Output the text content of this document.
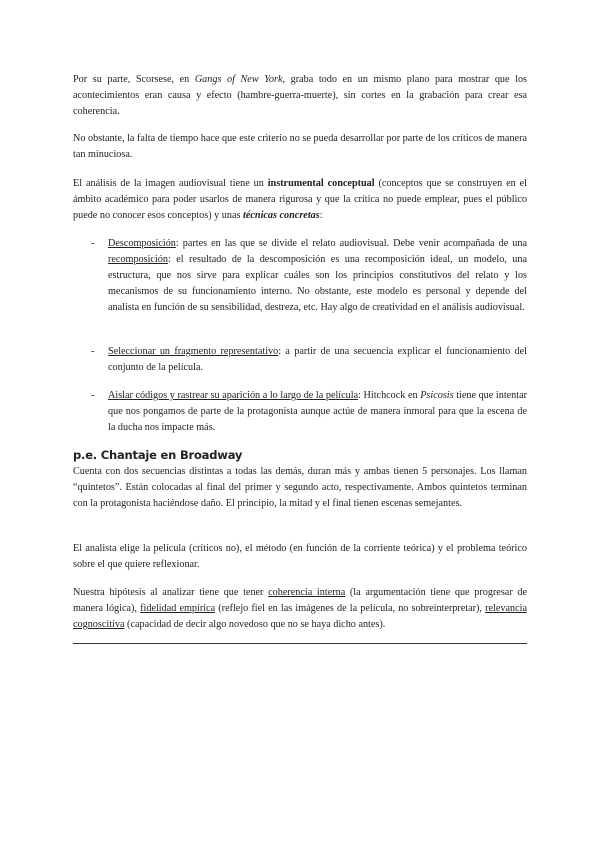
Por su parte, Scorsese, en Gangs of New York, graba todo en un mismo plano para mostrar que los acontecimientos eran causa y efecto (hambre-guerra-muerte), sin cortes en la grabación para crear esa coherencia.

No obstante, la falta de tiempo hace que este criterio no se pueda desarrollar por parte de los críticos de manera tan minuciosa.

El análisis de la imagen audiovisual tiene un instrumental conceptual (conceptos que se construyen en el ámbito académico para poder usarlos de manera rigurosa y que la crítica no puede emplear, pues el público puede no conocer esos conceptos) y unas técnicas concretas:

- Descomposición: partes en las que se divide el relato audiovisual. Debe venir acompañada de una recomposición: el resultado de la descomposición es una recomposición ideal, un modelo, una estructura, que nos sirve para explicar cuáles son los principios constitutivos del relato y los mecanismos de su funcionamiento interno. No obstante, este modelo es personal y depende del analista en función de su sensibilidad, destreza, etc. Hay algo de creatividad en el análisis audiovisual.

- Seleccionar un fragmento representativo: a partir de una secuencia explicar el funcionamiento del conjunto de la película.

- Aislar códigos y rastrear su aparición a lo largo de la película: Hitchcock en Psicosis tiene que intentar que nos pongamos de parte de la protagonista aunque actúe de manera inmoral para que la escena de la ducha nos impacte más.

p.e. Chantaje en Broadway

Cuenta con dos secuencias distintas a todas las demás, duran más y ambas tienen 5 personajes. Los llaman “quintetos”. Están colocadas al final del primer y segundo acto, respectivamente. Ambos quintetos terminan con la protagonista haciéndose daño. El principio, la mitad y el final tienen escenas semejantes.

El analista elige la película (críticos no), el método (en función de la corriente teórica) y el problema teórico sobre el que quiere reflexionar.

Nuestra hipótesis al analizar tiene que tener coherencia interna (la argumentación tiene que progresar de manera lógica), fidelidad empírica (reflejo fiel en las imágenes de la película, no sobreinterpretar), relevancia cognoscitiva (capacidad de decir algo novedoso que no se haya dicho antes).
